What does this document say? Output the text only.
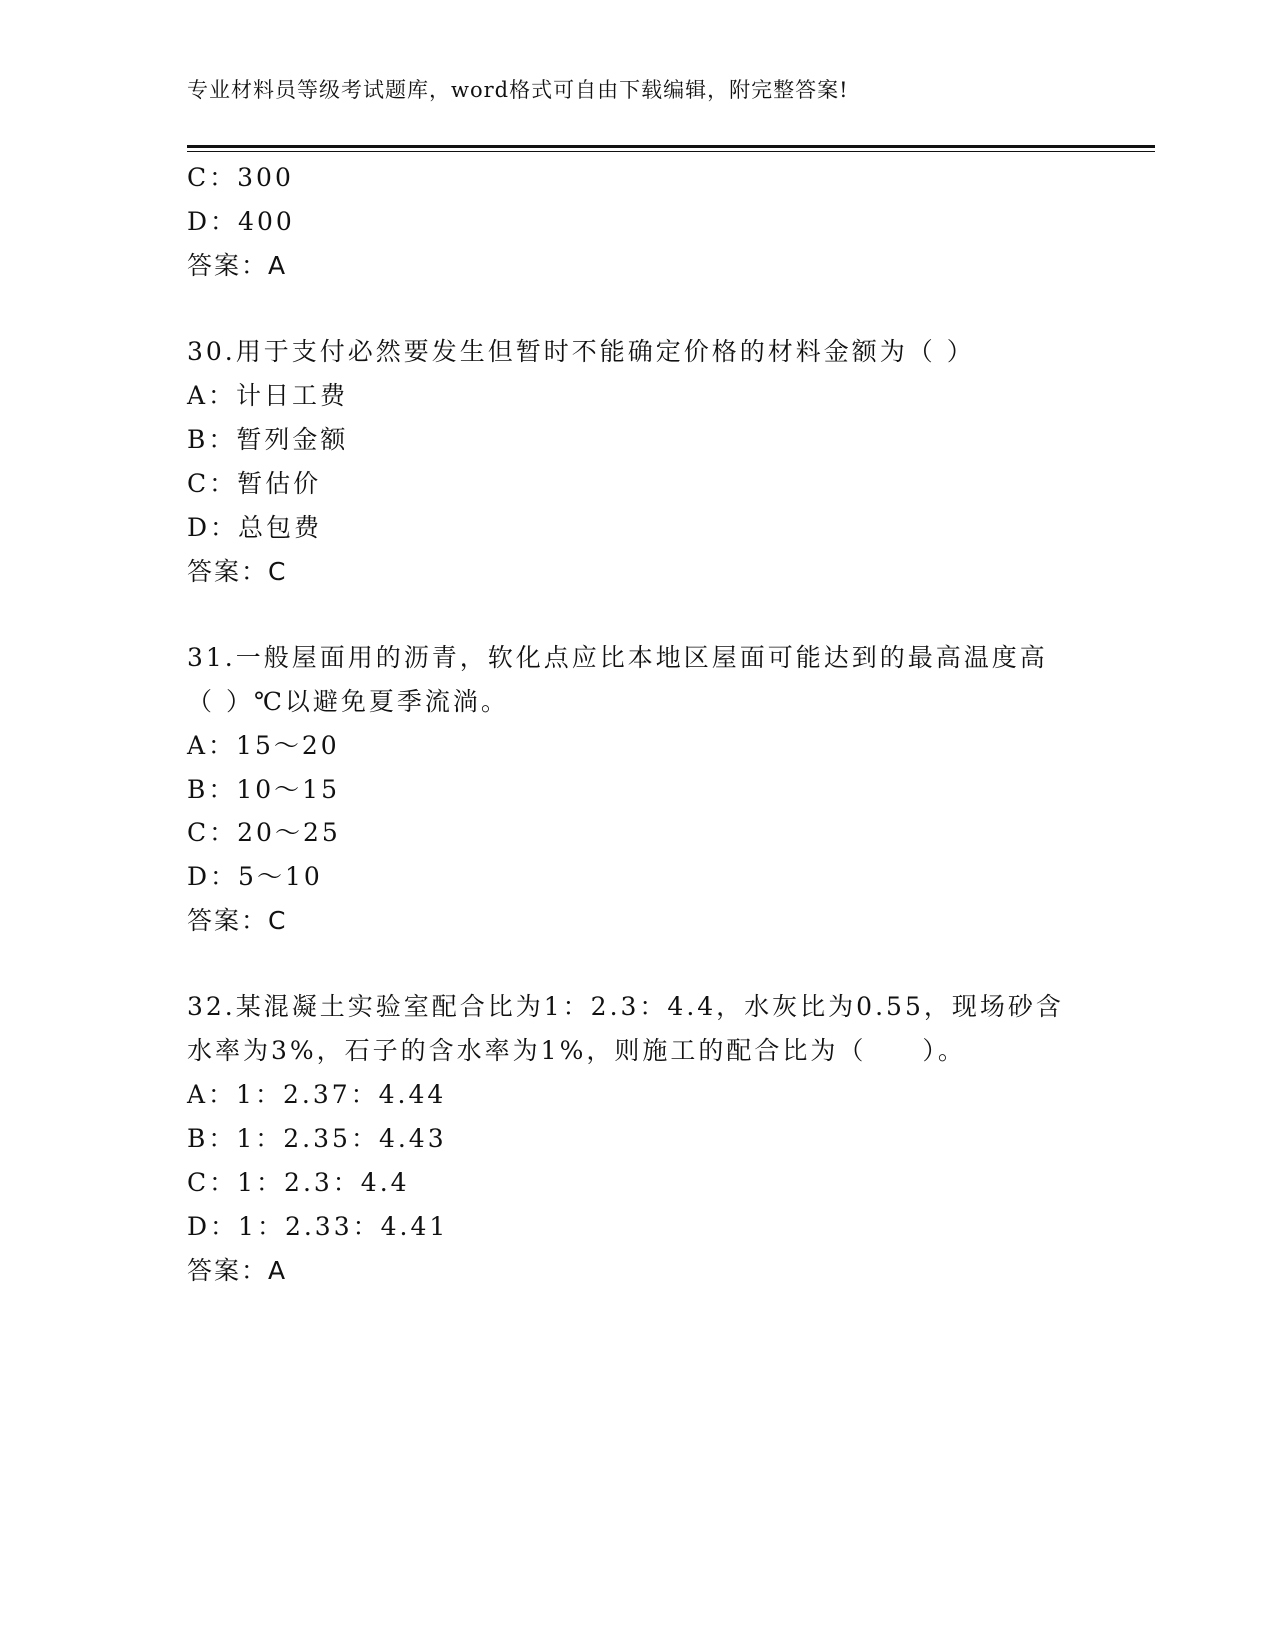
专业材料员等级考试题库，word格式可自由下载编辑，附完整答案!
C：300
D：400
答案：A
30.用于支付必然要发生但暂时不能确定价格的材料金额为（ ）
A：计日工费
B：暂列金额
C：暂估价
D：总包费
答案：C
31.一般屋面用的沥青，软化点应比本地区屋面可能达到的最高温度高
（ ）℃以避免夏季流淌。
A：15～20
B：10～15
C：20～25
D：5～10
答案：C
32.某混凝土实验室配合比为1：2.3：4.4，水灰比为0.55，现场砂含
水率为3%，石子的含水率为1%，则施工的配合比为（　　）。
A：1：2.37：4.44
B：1：2.35：4.43
C：1：2.3：4.4
D：1：2.33：4.41
答案：A
